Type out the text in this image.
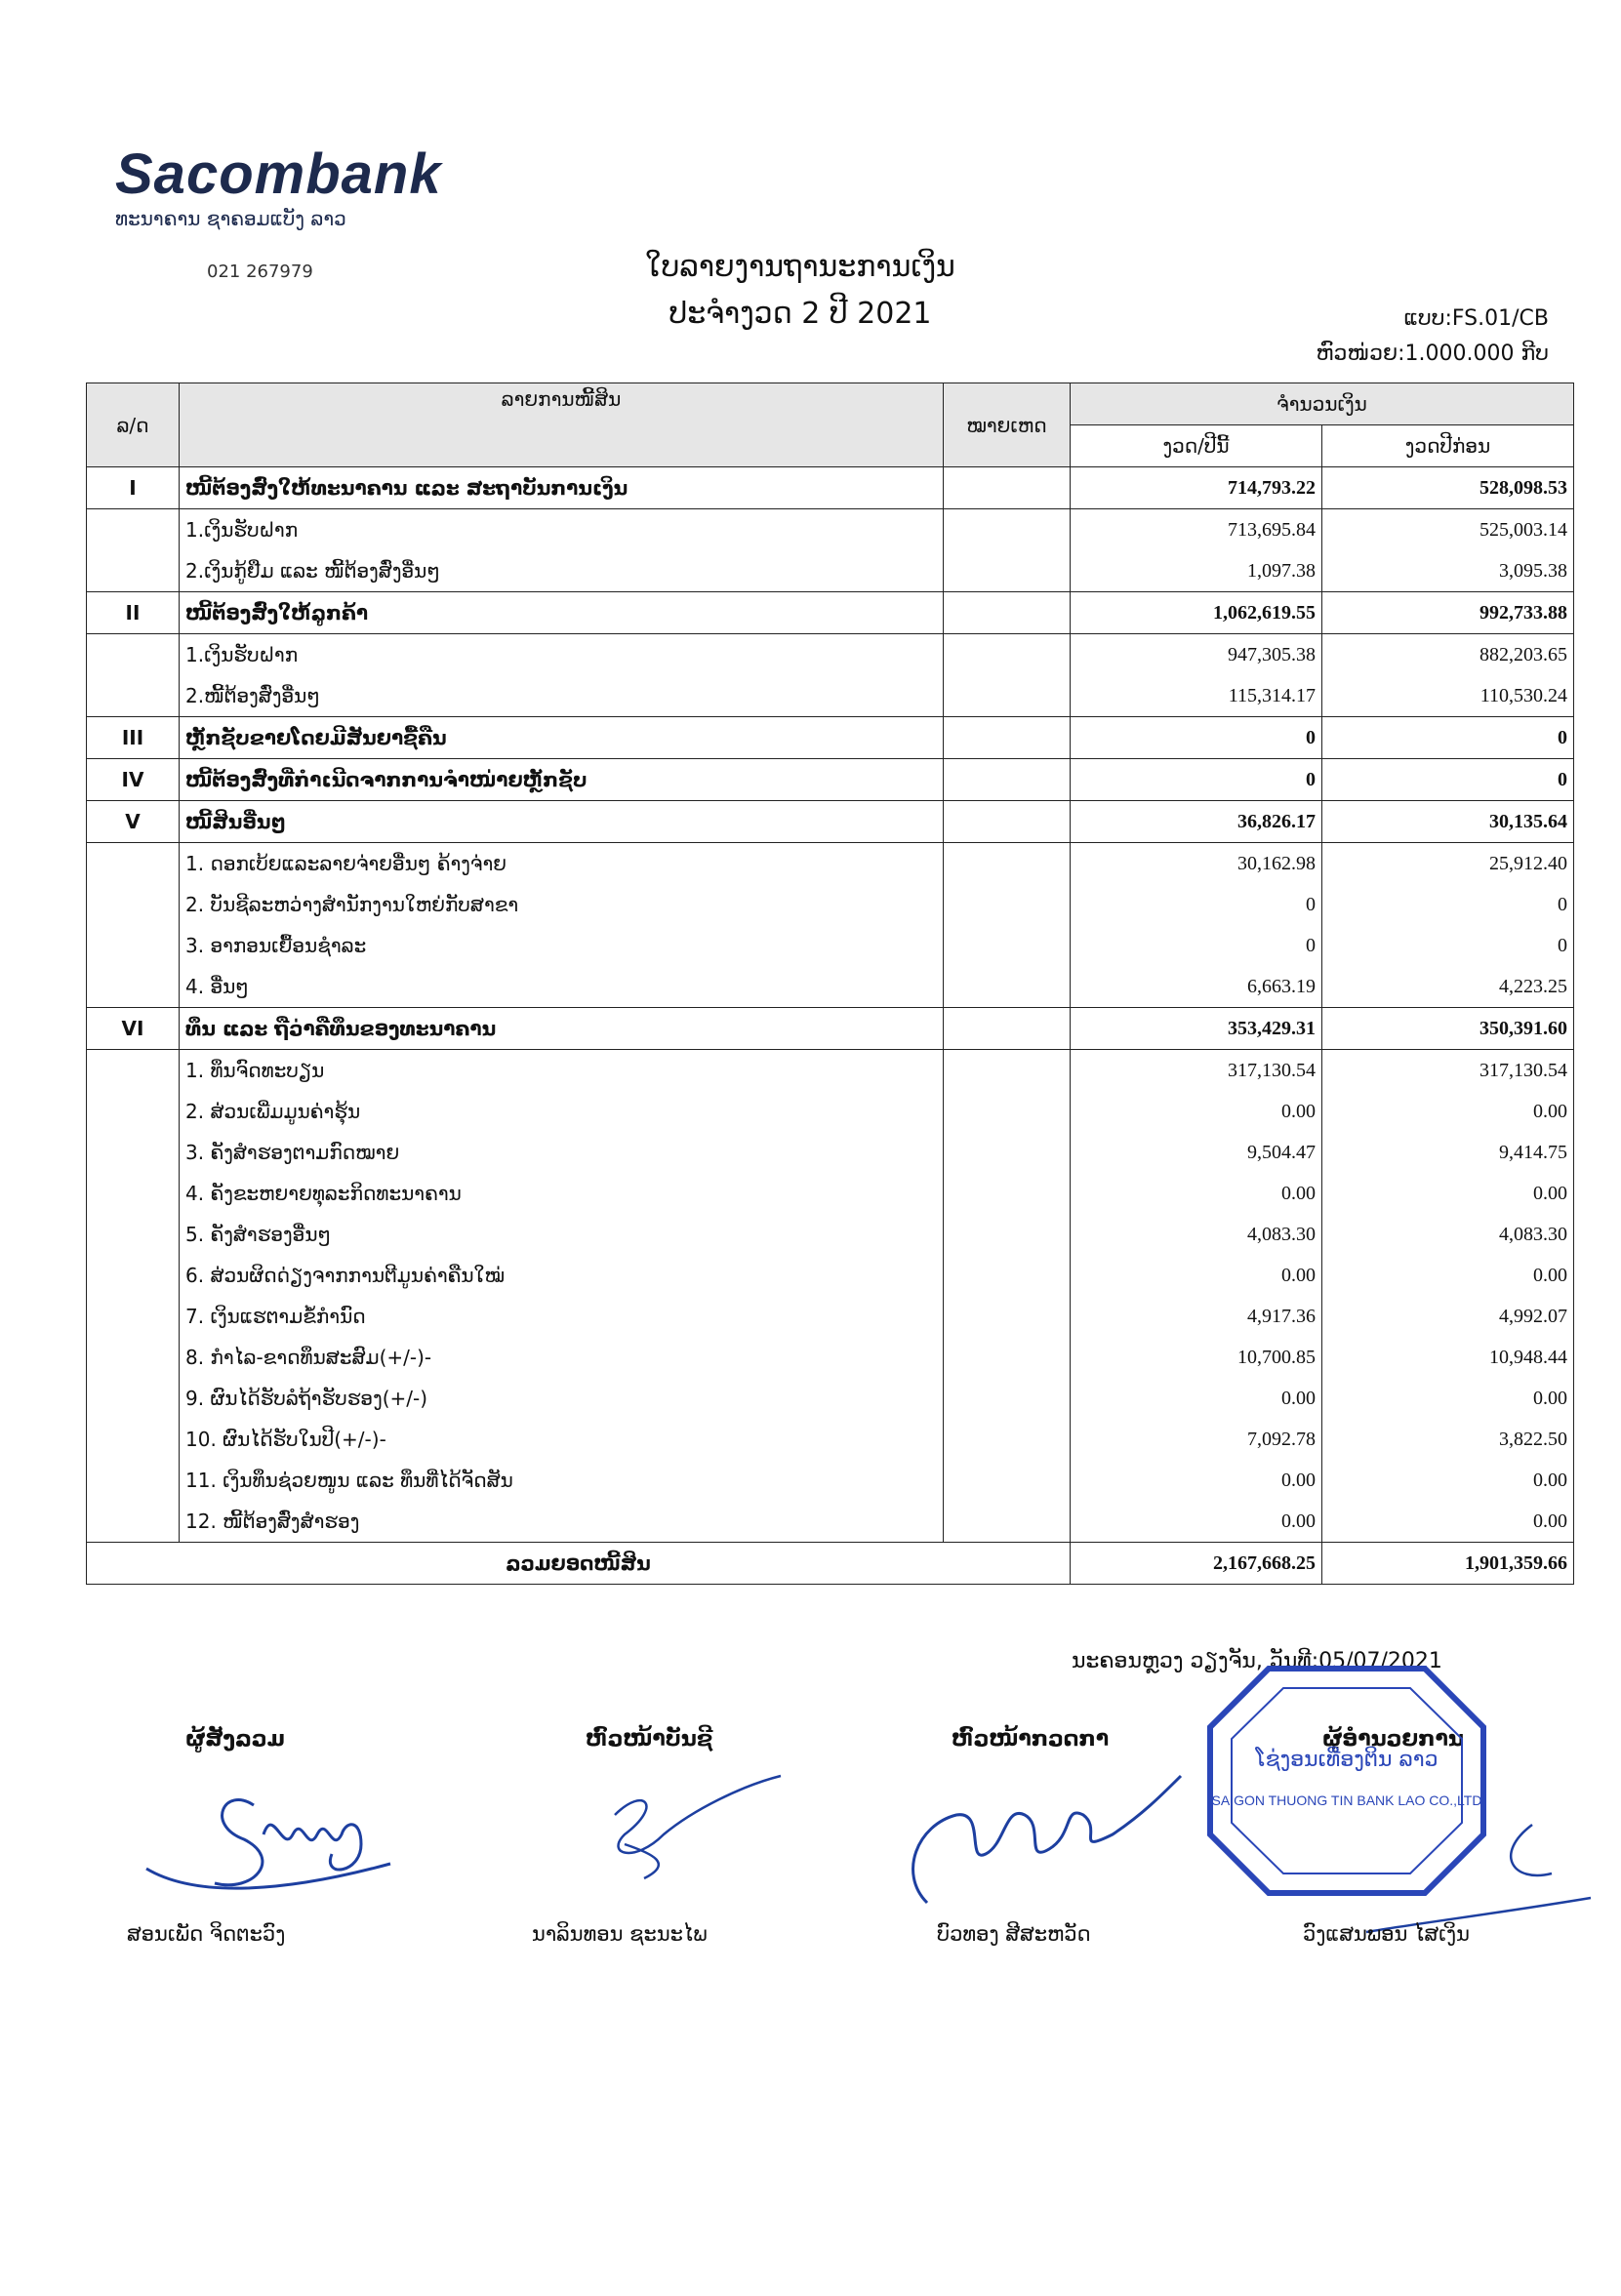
Sacombank
ທະນາຄານ ຊາຄອມແບັງ ລາວ
021 267979	ໃບລາຍງານຖານະການເງິນ
ປະຈຳງວດ 2 ປີ 2021	ແບບ:FS.01/CB
ຫົວໜ່ວຍ:1.000.000 ກີບ
ລ/ດ	ລາຍການໜີ້ສິນ	ໝາຍເຫດ	ຈຳນວນເງິນ	
			ງວດ/ປີນີ້	ງວດປີກ່ອນ
I	ໜີ້ຕ້ອງສົ່ງໃຫ້ທະນາຄານ ແລະ ສະຖາບັນການເງິນ		714,793.22	528,098.53
	1.ເງິນຮັບຝາກ		713,695.84	525,003.14
	2.ເງິນກູ້ຢືມ ແລະ ໜີ້ຕ້ອງສົ່ງອື່ນໆ		1,097.38	3,095.38
II	ໜີ້ຕ້ອງສົ່ງໃຫ້ລູກຄ້າ		1,062,619.55	992,733.88
	1.ເງິນຮັບຝາກ		947,305.38	882,203.65
	2.ໜີ້ຕ້ອງສົ່ງອື່ນໆ		115,314.17	110,530.24
III	ຫຼັກຊັບຂາຍໂດຍມີສັນຍາຊື້ຄືນ		0	0
IV	ໜີ້ຕ້ອງສົ່ງທີ່ກຳເນີດຈາກການຈຳໜ່າຍຫຼັກຊັບ		0	0
V	ໜີ້ສິນອື່ນໆ		36,826.17	30,135.64
	1. ດອກເບ້ຍແລະລາຍຈ່າຍອື່ນໆ ຄ້າງຈ່າຍ		30,162.98	25,912.40
	2. ບັນຊີລະຫວ່າງສຳນັກງານໃຫຍ່ກັບສາຂາ		0	0
	3. ອາກອນເຍື້ອນຊຳລະ		0	0
	4. ອື່ນໆ		6,663.19	4,223.25
VI	ທຶນ ແລະ ຖືວ່າຄືທຶນຂອງທະນາຄານ		353,429.31	350,391.60
	1. ທຶນຈົດທະບຽນ		317,130.54	317,130.54
	2. ສ່ວນເພີ່ມມູນຄ່າຮຸ້ນ		0.00	0.00
	3. ຄັງສຳຮອງຕາມກົດໝາຍ		9,504.47	9,414.75
	4. ຄັງຂະຫຍາຍທຸລະກິດທະນາຄານ		0.00	0.00
	5. ຄັງສຳຮອງອື່ນໆ		4,083.30	4,083.30
	6. ສ່ວນຜິດດ່ຽງຈາກການຕີມູນຄ່າຄືນໃໝ່		0.00	0.00
	7. ເງິນແຮຕາມຂໍ້ກຳນົດ		4,917.36	4,992.07
	8. ກຳໄລ-ຂາດທຶນສະສົມ(+/-)-		10,700.85	10,948.44
	9. ຜົນໄດ້ຮັບລໍຖ້າຮັບຮອງ(+/-)		0.00	0.00
	10. ຜົນໄດ້ຮັບໃນປີ(+/-)-		7,092.78	3,822.50
	11. ເງິນທຶນຊ່ວຍໜູນ ແລະ ທຶນທີ່ໄດ້ຈັດສັນ		0.00	0.00
	12. ໜີ້ຕ້ອງສົ່ງສຳຮອງ		0.00	0.00
ລວມຍອດໜີ້ສິນ			2,167,668.25	1,901,359.66
ນະຄອນຫຼວງ ວຽງຈັນ, ວັນທີ:05/07/2021
ຜູ້ສັງລວມ	ຫົວໜ້າບັນຊີ	ຫົວໜ້າກວດກາ	ຜູ້ອຳນວຍການ
ໂຊ່ງອນເທື່ອງຕິນ ລາວ
SAIGON THUONG TIN BANK LAO CO.,LTD
ສອນເພັດ ຈິດຕະວົງ	ນາລິນທອນ ຊະນະໄພ	ບົວທອງ ສີສະຫວັດ	ວົງແສນພອນ ໄສເງິນ
